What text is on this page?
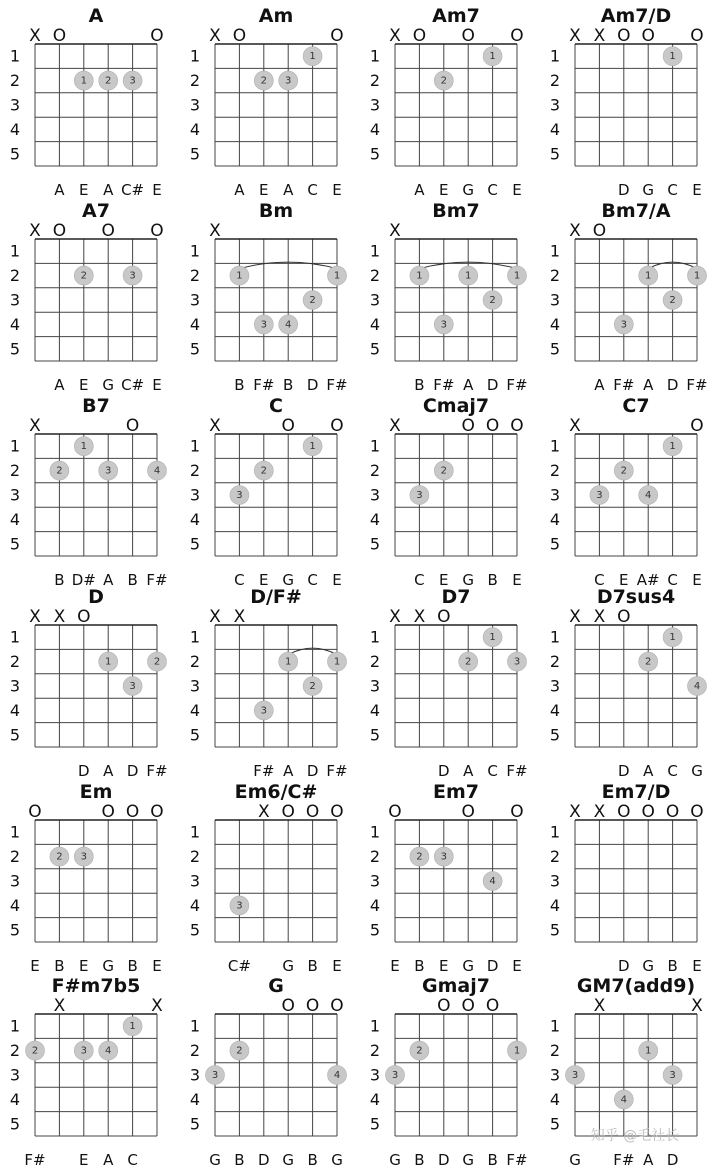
A
1
2
3
4
5
X O	O
1 2 3
A E A C# E
Am
1
2
3
4
5
X O	O
1
2 3
A E A C E
Am7
1
2
3
4
5
X O O O
1
2
A E G C E
Am7/D
1
2
3
4
5
X X O O O
1
D G C E
A7
1
2
3
4
5
X O O O
2	3
A E G C# E
Bm
1
2
3
4
5
X
1	1
2
3 4
B F# B D F#
Bm7
1
2
3
4
5
X
1	1	1
2
3
B F# A D F#
Bm7/A
1
2
3
4
5
X O
1	1
2
3
A F# A D F#
B7
1
2
3
4
5
X	O
1
2	3	4
B D# A B F#
C
1
2
3
4
5
X	O O
1
2
3
C E G C E
Cmaj7
1
2
3
4
5
X	O O O
2
3
C E G B E
C7
1
2
3
4
5
X	O
1
2
3	4
C E A# C E
D
1
2
3
4
5
X X O
1	2
3
D A D F#
D/F#
1
2
3
4
5
X X
1	1
2
3
F# A D F#
D7
1
2
3
4
5
X X O
1
2	3
D A C F#
D7sus4
1
2
3
4
5
X X O
1
2
4
D A C G
Em
1
2
3
4
5
O	O O O
2 3
E B E G B E
Em6/C#
1
2
3
4
5
X O O O
3
C# G B E
Em7
1
2
3
4
5
O	O O
2 3
4
E B E G D E
Em7/D
1
2
3
4
5
X X O O O O
D G B E
F#m7b5
1
2
3
4
5
X	X
1
2	3 4
F# E A C
G
1
2
3
4
5
O O O
2
3	4
G B D G B G
Gmaj7
1
2
3
4
5
O O O
2	1
3
G B D G B F#
GM7(add9)
1
2
3
4
5
X	X
1
3	3
4
G F# A D
知乎 @毛社长
